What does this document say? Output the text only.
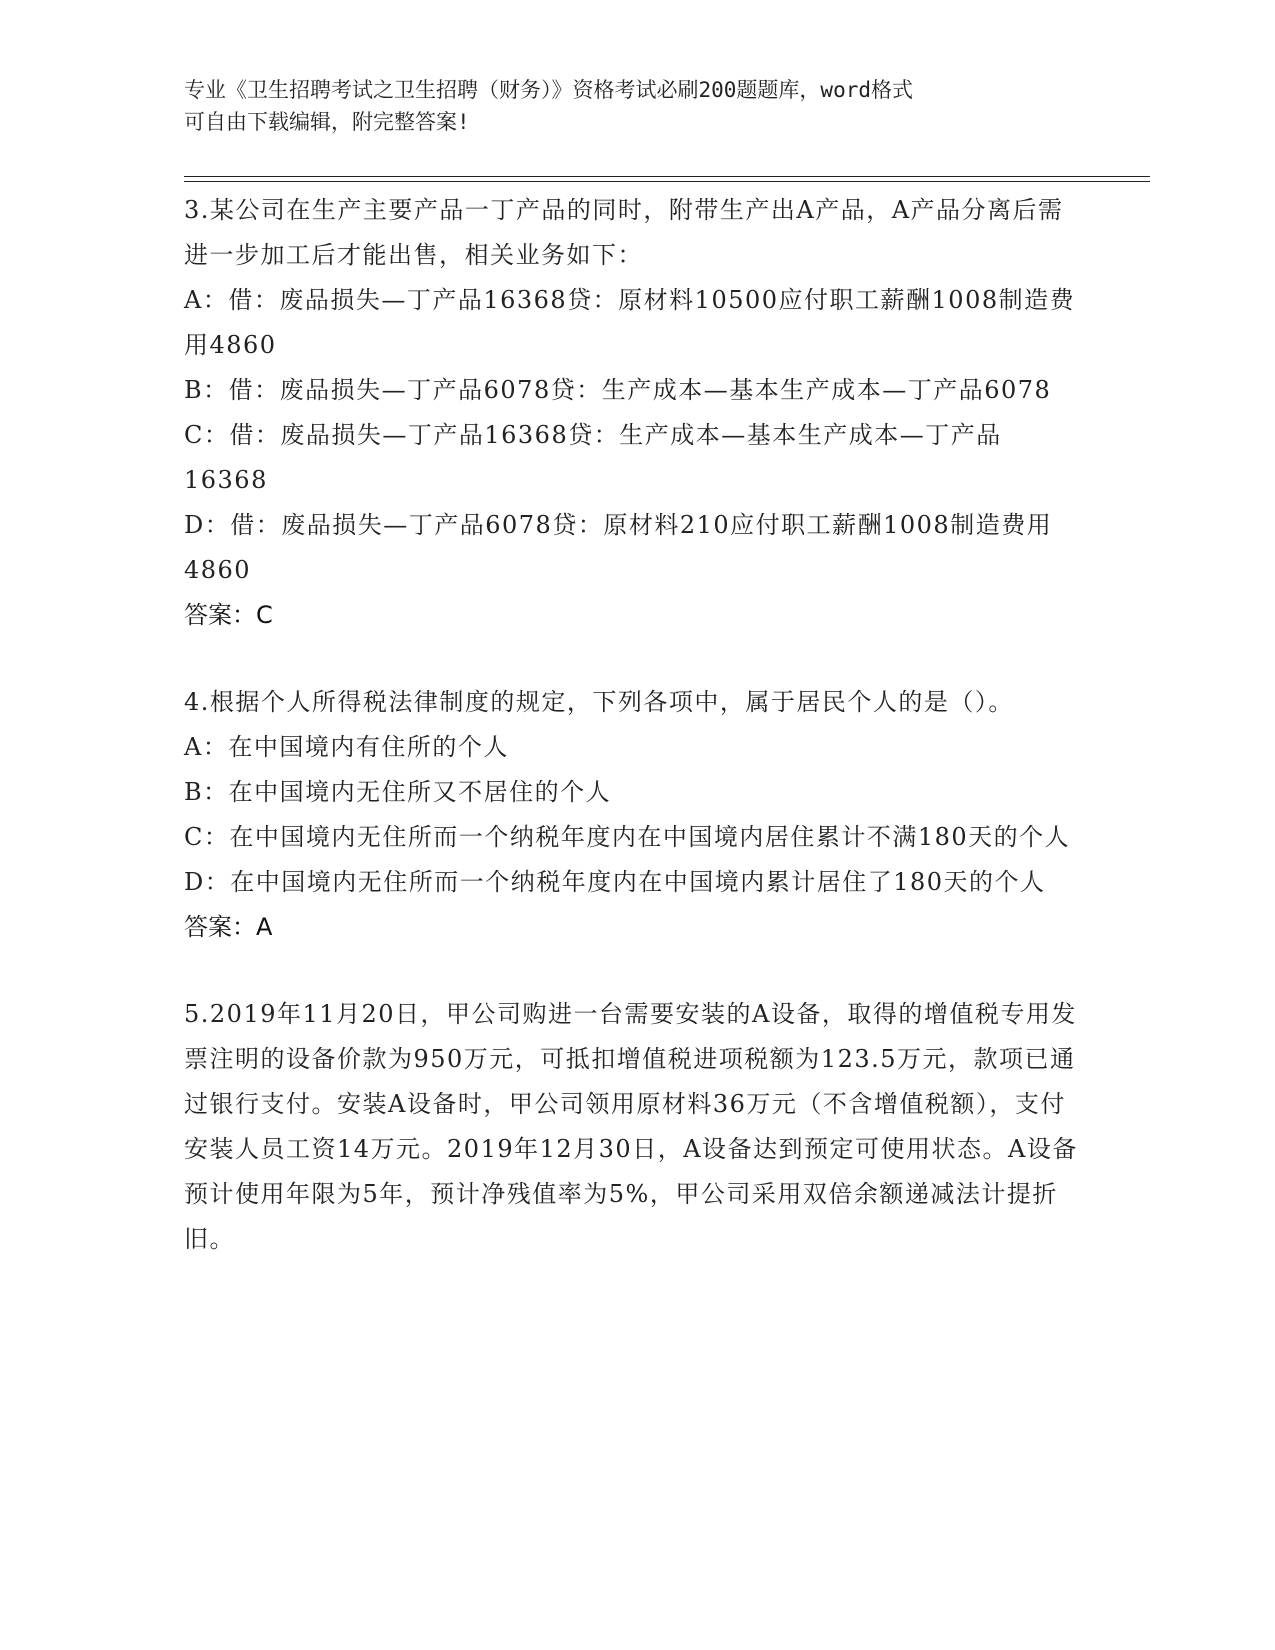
专业《卫生招聘考试之卫生招聘（财务）》资格考试必刷200题题库，word格式
可自由下载编辑，附完整答案!

3.某公司在生产主要产品一丁产品的同时，附带生产出A产品，A产品分离后需进一步加工后才能出售，相关业务如下：

A：借：废品损失—丁产品16368贷：原材料10500应付职工薪酬1008制造费用4860

B：借：废品损失—丁产品6078贷：生产成本—基本生产成本—丁产品6078

C：借：废品损失—丁产品16368贷：生产成本—基本生产成本—丁产品16368

D：借：废品损失—丁产品6078贷：原材料210应付职工薪酬1008制造费用4860

答案：C

4.根据个人所得税法律制度的规定，下列各项中，属于居民个人的是（）。

A：在中国境内有住所的个人

B：在中国境内无住所又不居住的个人

C：在中国境内无住所而一个纳税年度内在中国境内居住累计不满180天的个人

D：在中国境内无住所而一个纳税年度内在中国境内累计居住了180天的个人

答案：A

5.2019年11月20日，甲公司购进一台需要安装的A设备，取得的增值税专用发票注明的设备价款为950万元，可抵扣增值税进项税额为123.5万元，款项已通过银行支付。安装A设备时，甲公司领用原材料36万元（不含增值税额），支付安装人员工资14万元。2019年12月30日，A设备达到预定可使用状态。A设备预计使用年限为5年，预计净残值率为5%，甲公司采用双倍余额递减法计提折旧。
